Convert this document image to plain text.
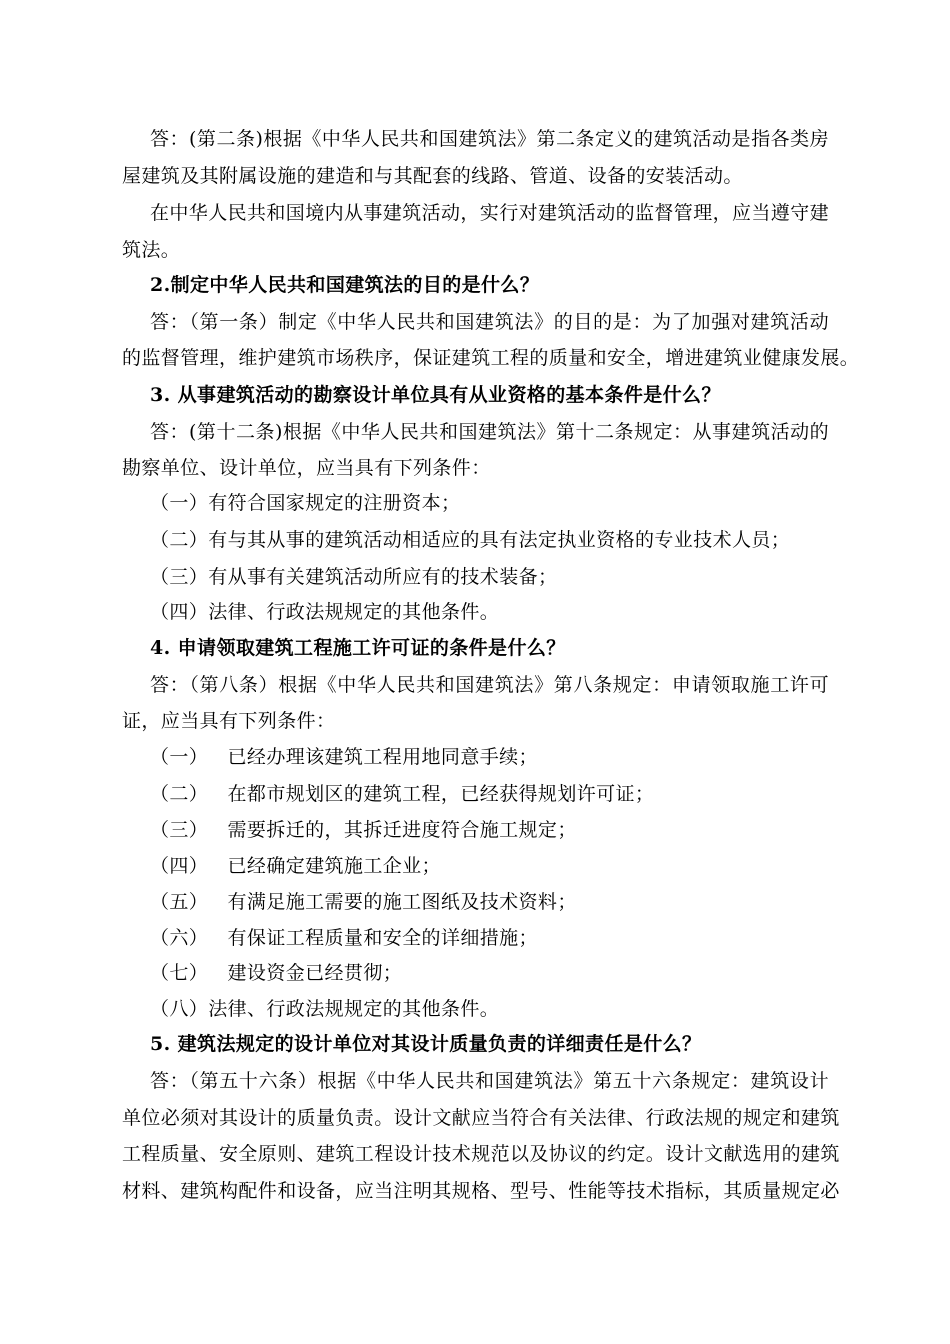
答：(第二条)根据《中华人民共和国建筑法》第二条定义的建筑活动是指各类房
屋建筑及其附属设施的建造和与其配套的线路、管道、设备的安装活动。
在中华人民共和国境内从事建筑活动，实行对建筑活动的监督管理，应当遵守建
筑法。
2.制定中华人民共和国建筑法的目的是什么？
答：（第一条）制定《中华人民共和国建筑法》的目的是：为了加强对建筑活动
的监督管理，维护建筑市场秩序，保证建筑工程的质量和安全，增进建筑业健康发展。
3. 从事建筑活动的勘察设计单位具有从业资格的基本条件是什么？
答：(第十二条)根据《中华人民共和国建筑法》第十二条规定：从事建筑活动的
勘察单位、设计单位，应当具有下列条件：
（一）有符合国家规定的注册资本；
（二）有与其从事的建筑活动相适应的具有法定执业资格的专业技术人员；
（三）有从事有关建筑活动所应有的技术装备；
（四）法律、行政法规规定的其他条件。
4. 申请领取建筑工程施工许可证的条件是什么？
答：（第八条）根据《中华人民共和国建筑法》第八条规定：申请领取施工许可
证，应当具有下列条件：
（一）   已经办理该建筑工程用地同意手续；
（二）   在都市规划区的建筑工程，已经获得规划许可证；
（三）   需要拆迁的，其拆迁进度符合施工规定；
（四）   已经确定建筑施工企业；
（五）   有满足施工需要的施工图纸及技术资料；
（六）   有保证工程质量和安全的详细措施；
（七）   建设资金已经贯彻；
（八）法律、行政法规规定的其他条件。
5. 建筑法规定的设计单位对其设计质量负责的详细责任是什么？
答：（第五十六条）根据《中华人民共和国建筑法》第五十六条规定：建筑设计
单位必须对其设计的质量负责。设计文献应当符合有关法律、行政法规的规定和建筑
工程质量、安全原则、建筑工程设计技术规范以及协议的约定。设计文献选用的建筑
材料、建筑构配件和设备，应当注明其规格、型号、性能等技术指标，其质量规定必
